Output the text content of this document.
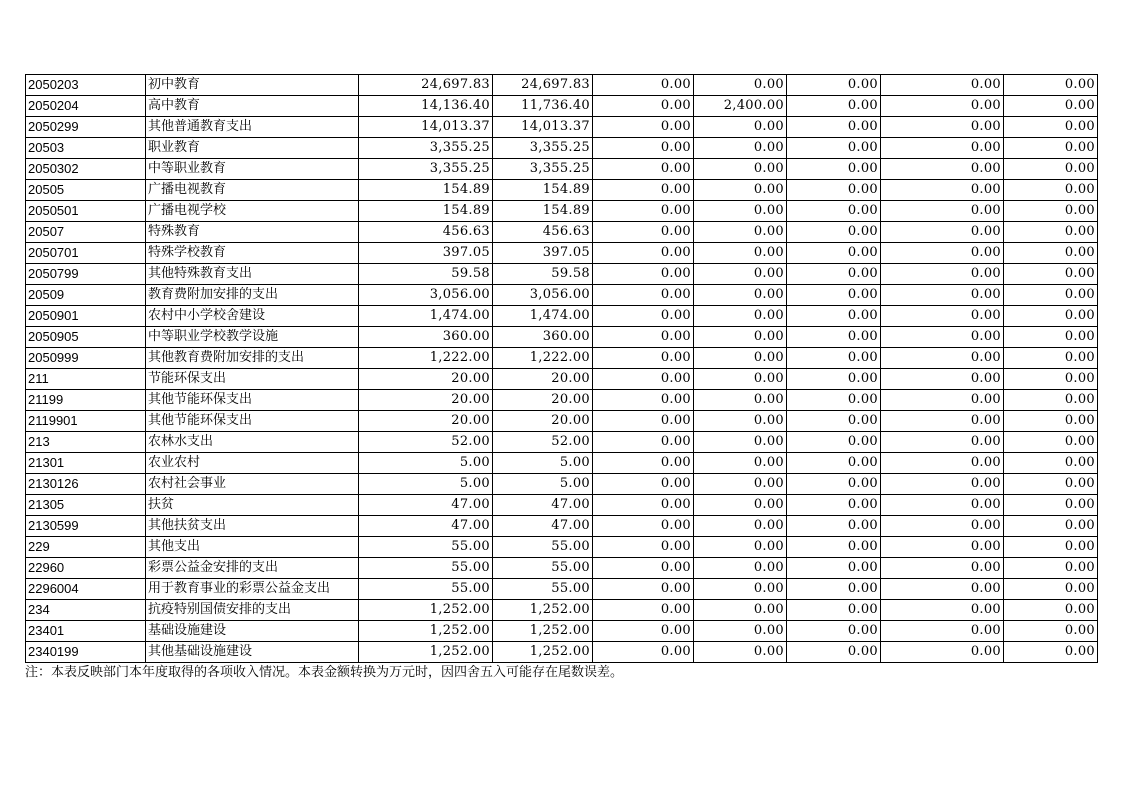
2050203	初中教育	24,697.83	24,697.83	0.00	0.00	0.00	0.00	0.00
2050204	高中教育	14,136.40	11,736.40	0.00	2,400.00	0.00	0.00	0.00
2050299	其他普通教育支出	14,013.37	14,013.37	0.00	0.00	0.00	0.00	0.00
20503	职业教育	3,355.25	3,355.25	0.00	0.00	0.00	0.00	0.00
2050302	中等职业教育	3,355.25	3,355.25	0.00	0.00	0.00	0.00	0.00
20505	广播电视教育	154.89	154.89	0.00	0.00	0.00	0.00	0.00
2050501	广播电视学校	154.89	154.89	0.00	0.00	0.00	0.00	0.00
20507	特殊教育	456.63	456.63	0.00	0.00	0.00	0.00	0.00
2050701	特殊学校教育	397.05	397.05	0.00	0.00	0.00	0.00	0.00
2050799	其他特殊教育支出	59.58	59.58	0.00	0.00	0.00	0.00	0.00
20509	教育费附加安排的支出	3,056.00	3,056.00	0.00	0.00	0.00	0.00	0.00
2050901	农村中小学校舍建设	1,474.00	1,474.00	0.00	0.00	0.00	0.00	0.00
2050905	中等职业学校教学设施	360.00	360.00	0.00	0.00	0.00	0.00	0.00
2050999	其他教育费附加安排的支出	1,222.00	1,222.00	0.00	0.00	0.00	0.00	0.00
211	节能环保支出	20.00	20.00	0.00	0.00	0.00	0.00	0.00
21199	其他节能环保支出	20.00	20.00	0.00	0.00	0.00	0.00	0.00
2119901	其他节能环保支出	20.00	20.00	0.00	0.00	0.00	0.00	0.00
213	农林水支出	52.00	52.00	0.00	0.00	0.00	0.00	0.00
21301	农业农村	5.00	5.00	0.00	0.00	0.00	0.00	0.00
2130126	农村社会事业	5.00	5.00	0.00	0.00	0.00	0.00	0.00
21305	扶贫	47.00	47.00	0.00	0.00	0.00	0.00	0.00
2130599	其他扶贫支出	47.00	47.00	0.00	0.00	0.00	0.00	0.00
229	其他支出	55.00	55.00	0.00	0.00	0.00	0.00	0.00
22960	彩票公益金安排的支出	55.00	55.00	0.00	0.00	0.00	0.00	0.00
2296004	用于教育事业的彩票公益金支出	55.00	55.00	0.00	0.00	0.00	0.00	0.00
234	抗疫特别国债安排的支出	1,252.00	1,252.00	0.00	0.00	0.00	0.00	0.00
23401	基础设施建设	1,252.00	1,252.00	0.00	0.00	0.00	0.00	0.00
2340199	其他基础设施建设	1,252.00	1,252.00	0.00	0.00	0.00	0.00	0.00
注：本表反映部门本年度取得的各项收入情况。本表金额转换为万元时，因四舍五入可能存在尾数误差。
